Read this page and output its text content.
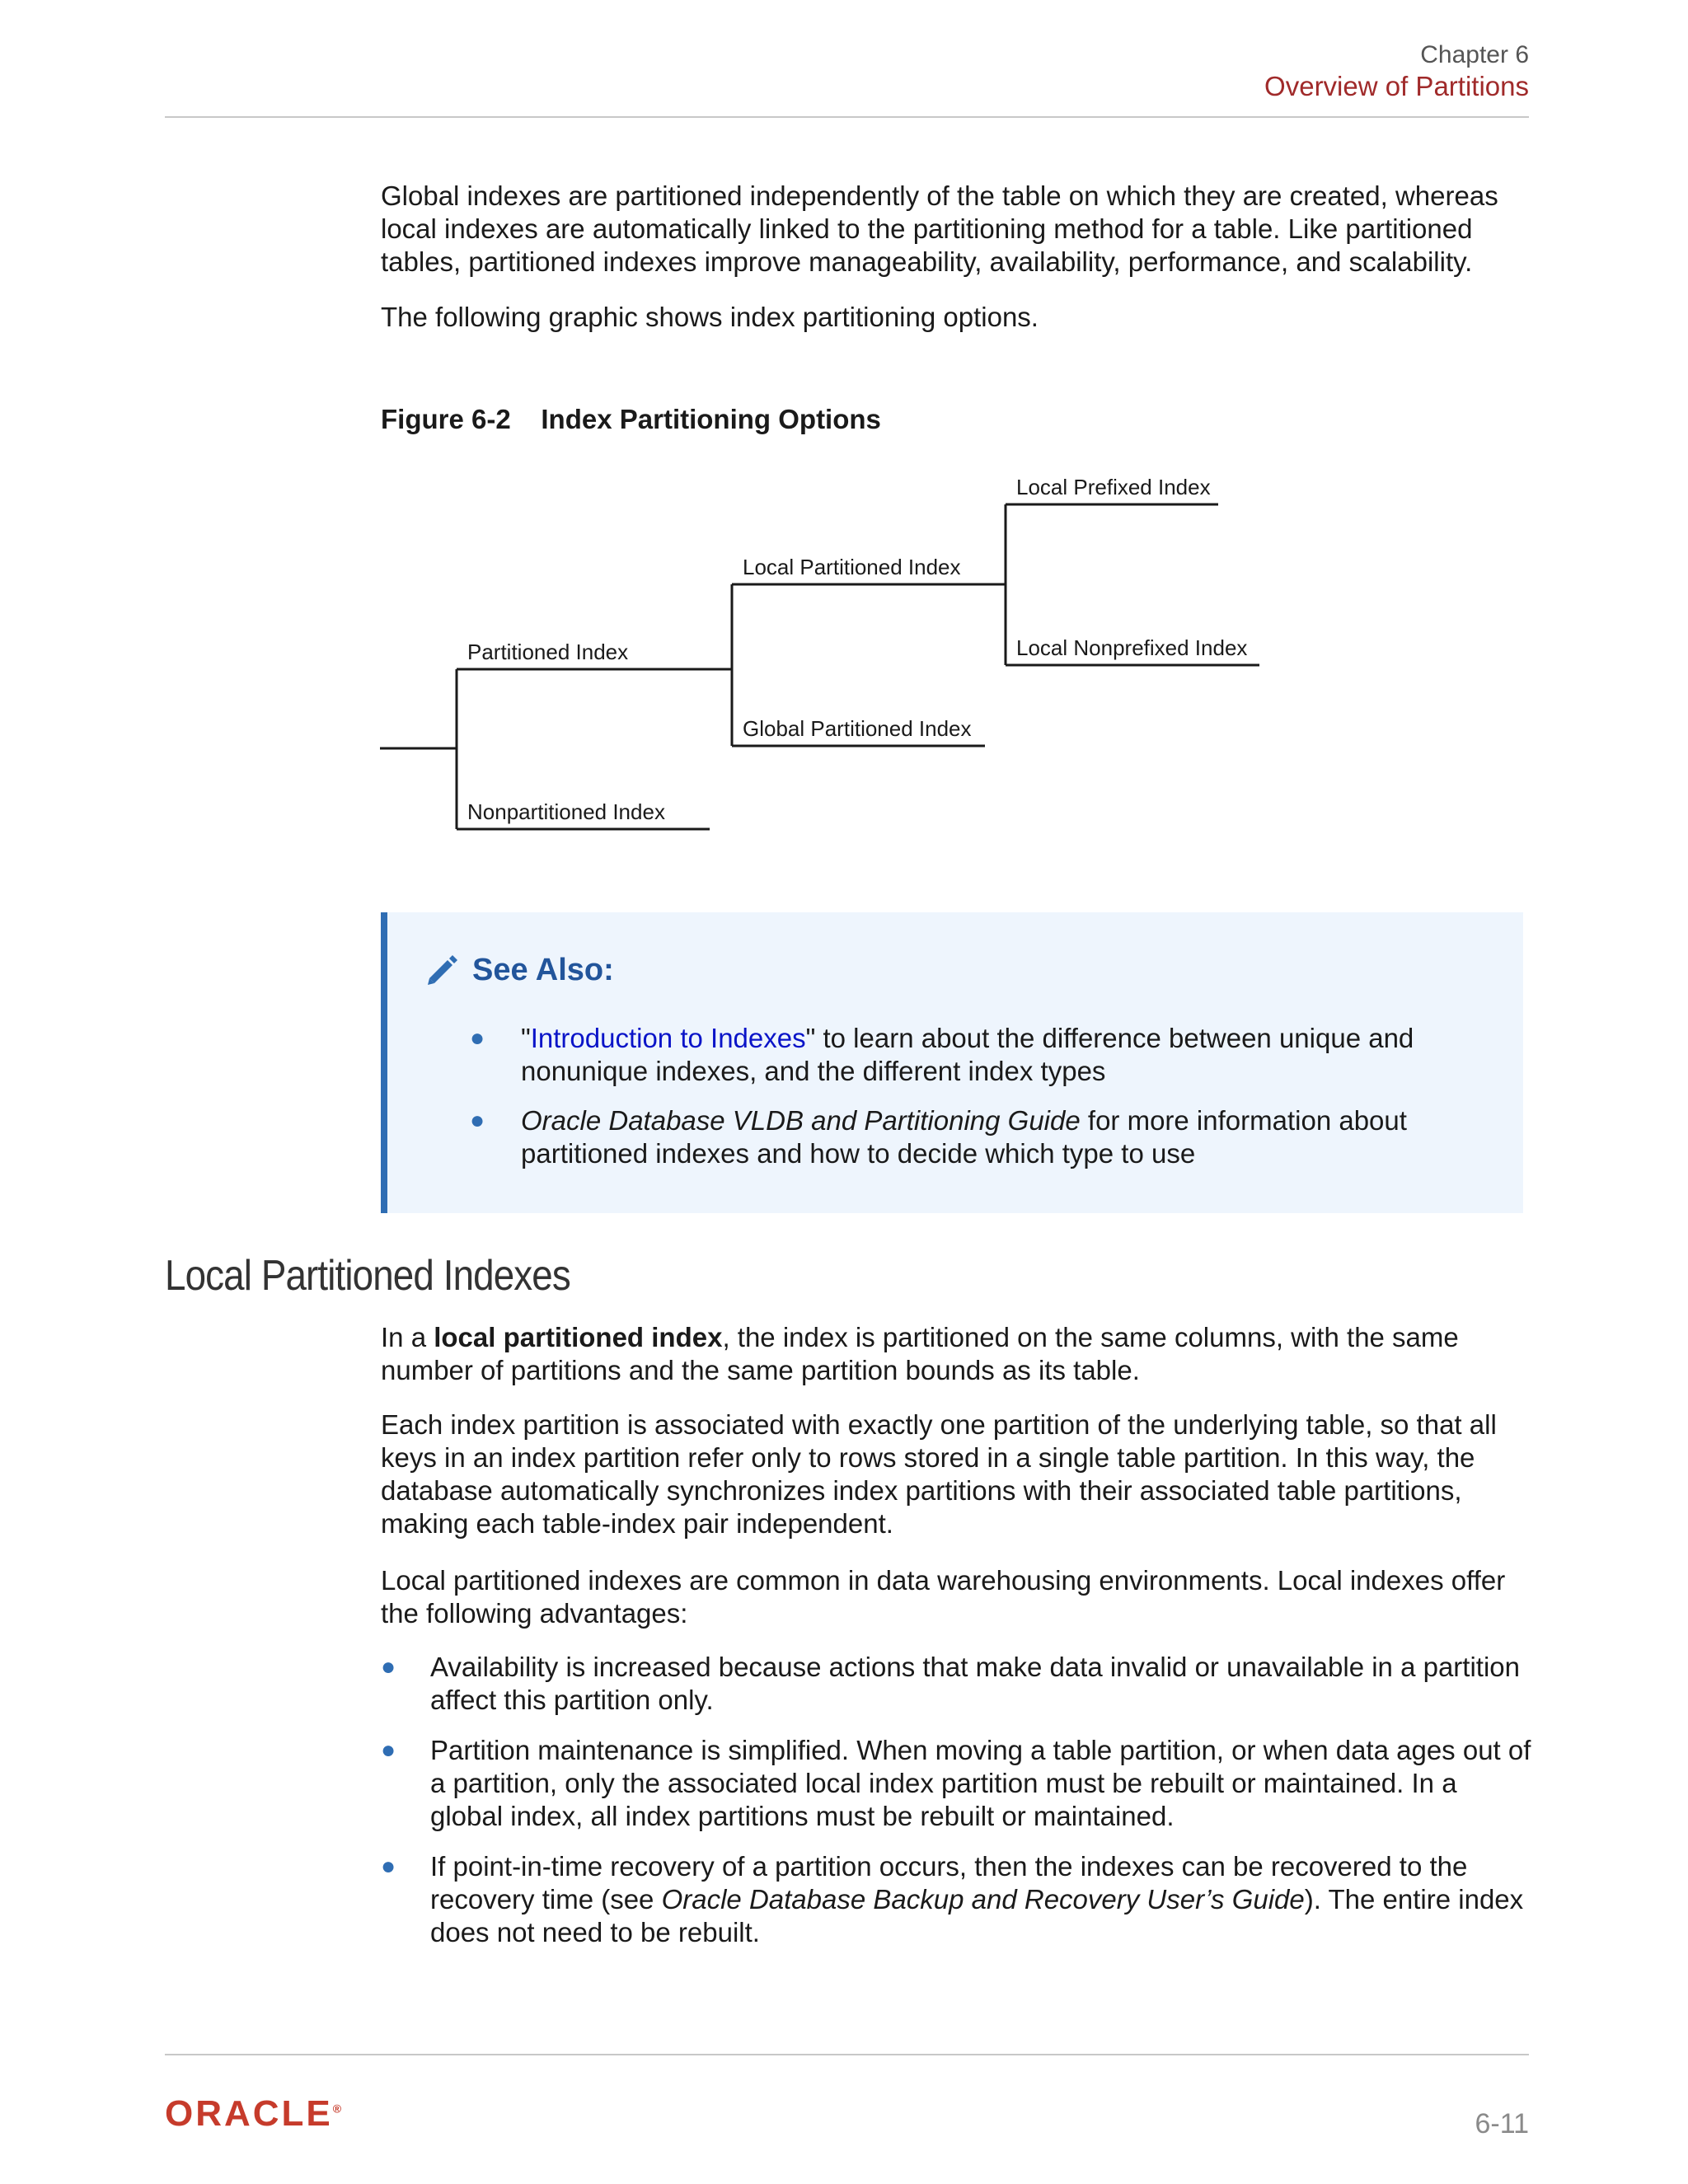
Chapter 6
Overview of Partitions

Global indexes are partitioned independently of the table on which they are created, whereas local indexes are automatically linked to the partitioning method for a table. Like partitioned tables, partitioned indexes improve manageability, availability, performance, and scalability.

The following graphic shows index partitioning options.

Figure 6-2 Index Partitioning Options
Local Prefixed Index
Local Partitioned Index
Local Nonprefixed Index
Partitioned Index
Global Partitioned Index
Nonpartitioned Index
See Also:
● "Introduction to Indexes" to learn about the difference between unique and nonunique indexes, and the different index types
● Oracle Database VLDB and Partitioning Guide for more information about partitioned indexes and how to decide which type to use
Local Partitioned Indexes

In a local partitioned index, the index is partitioned on the same columns, with the same number of partitions and the same partition bounds as its table.

Each index partition is associated with exactly one partition of the underlying table, so that all keys in an index partition refer only to rows stored in a single table partition. In this way, the database automatically synchronizes index partitions with their associated table partitions, making each table-index pair independent.

Local partitioned indexes are common in data warehousing environments. Local indexes offer the following advantages:

● Availability is increased because actions that make data invalid or unavailable in a partition affect this partition only.
● Partition maintenance is simplified. When moving a table partition, or when data ages out of a partition, only the associated local index partition must be rebuilt or maintained. In a global index, all index partitions must be rebuilt or maintained.
● If point-in-time recovery of a partition occurs, then the indexes can be recovered to the recovery time (see Oracle Database Backup and Recovery User’s Guide). The entire index does not need to be rebuilt.
ORACLE®	6-11
